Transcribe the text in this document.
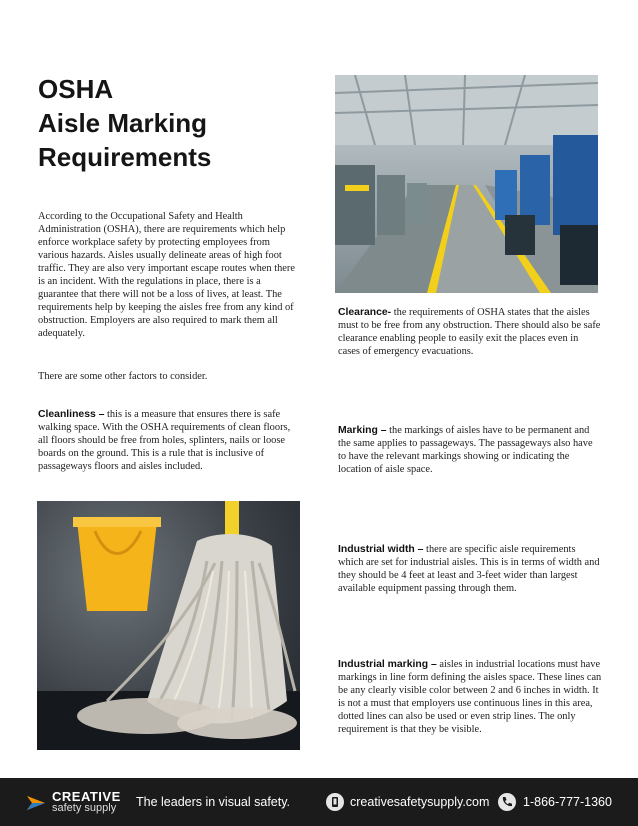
OSHA
Aisle Marking
Requirements

According to the Occupational Safety and Health Administration (OSHA), there are requirements which help enforce workplace safety by protecting employees from various hazards. Aisles usually delineate areas of high foot traffic. They are also very important escape routes when there is an incident. With the regulations in place, there is a guarantee that there will not be a loss of lives, at least. The requirements help by keeping the aisles free from any kind of obstruction. Employers are also required to mark them all adequately.

There are some other factors to consider.

Cleanliness – this is a measure that ensures there is safe walking space. With the OSHA requirements of clean floors, all floors should be free from holes, splinters, nails or loose boards on the ground. This is a rule that is inclusive of passageways floors and aisles included.

Clearance- the requirements of OSHA states that the aisles must to be free from any obstruction. There should also be safe clearance enabling people to easily exit the places even in cases of emergency evacuations.

Marking – the markings of aisles have to be permanent and the same applies to passageways. The passageways also have to have the relevant markings showing or indicating the location of aisle space.

Industrial width – there are specific aisle requirements which are set for industrial aisles. This is in terms of width and they should be 4 feet at least and 3-feet wider than largest available equipment passing through them.

Industrial marking – aisles in industrial locations must have markings in line form defining the aisles space. These lines can be any clearly visible color between 2 and 6 inches in width. It is not a must that employers use continuous lines in this area, dotted lines can also be used or even strip lines. The only requirement is that they be visible.

CREATIVE
safety supply The leaders in visual safety.	creativesafetysupply.com	1-866-777-1360
